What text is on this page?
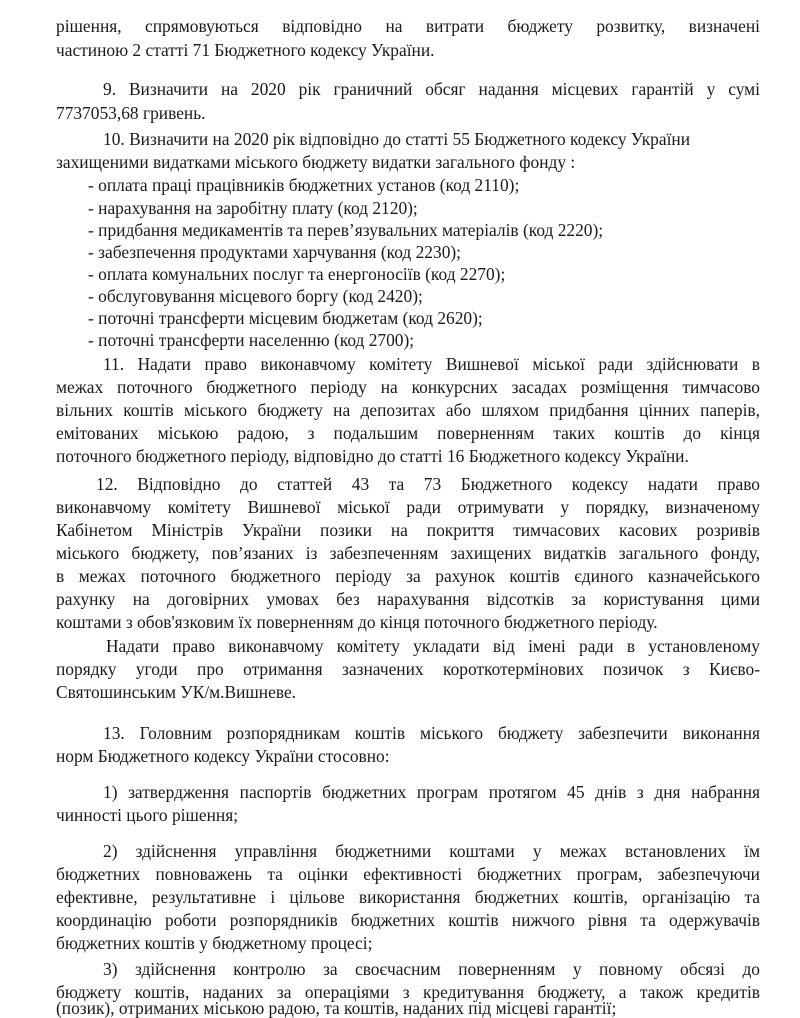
рішення, спрямовуються відповідно на витрати бюджету розвитку, визначені
частиною 2 статті 71 Бюджетного кодексу України.
9. Визначити на 2020 рік граничний обсяг надання місцевих гарантій у сумі
7737053,68 гривень.
10. Визначити на 2020 рік відповідно до статті 55 Бюджетного кодексу України
захищеними видатками міського бюджету видатки загального фонду :
- оплата праці працівників бюджетних установ (код 2110);
- нарахування на заробітну плату (код 2120);
- придбання медикаментів та перев’язувальних матеріалів (код 2220);
- забезпечення продуктами харчування (код 2230);
- оплата комунальних послуг та енергоносіїв (код 2270);
- обслуговування місцевого боргу (код 2420);
- поточні трансферти місцевим бюджетам (код 2620);
- поточні трансферти населенню (код 2700);
11. Надати право виконавчому комітету Вишневої міської ради здійснювати в
межах поточного бюджетного періоду на конкурсних засадах розміщення тимчасово
вільних коштів міського бюджету на депозитах або шляхом придбання цінних паперів,
емітованих міською радою, з подальшим поверненням таких коштів до кінця
поточного бюджетного періоду, відповідно до статті 16 Бюджетного кодексу України.
12. Відповідно до статтей 43 та 73 Бюджетного кодексу надати право
виконавчому комітету Вишневої міської ради отримувати у порядку, визначеному
Кабінетом Міністрів України позики на покриття тимчасових касових розривів
міського бюджету, пов’язаних із забезпеченням захищених видатків загального фонду,
в межах поточного бюджетного періоду за рахунок коштів єдиного казначейського
рахунку на договірних умовах без нарахування відсотків за користування цими
коштами з обов'язковим їх поверненням до кінця поточного бюджетного періоду.
Надати право виконавчому комітету укладати від імені ради в установленому
порядку угоди про отримання зазначених короткотермінових позичок з Києво-
Святошинським УК/м.Вишневе.
13. Головним розпорядникам коштів міського бюджету забезпечити виконання
норм Бюджетного кодексу України стосовно:
1) затвердження паспортів бюджетних програм протягом 45 днів з дня набрання
чинності цього рішення;
2) здійснення управління бюджетними коштами у межах встановлених їм
бюджетних повноважень та оцінки ефективності бюджетних програм, забезпечуючи
ефективне, результативне і цільове використання бюджетних коштів, організацію та
координацію роботи розпорядників бюджетних коштів нижчого рівня та одержувачів
бюджетних коштів у бюджетному процесі;
3) здійснення контролю за своєчасним поверненням у повному обсязі до
бюджету коштів, наданих за операціями з кредитування бюджету, а також кредитів
(позик), отриманих міською радою, та коштів, наданих під місцеві гарантії;
